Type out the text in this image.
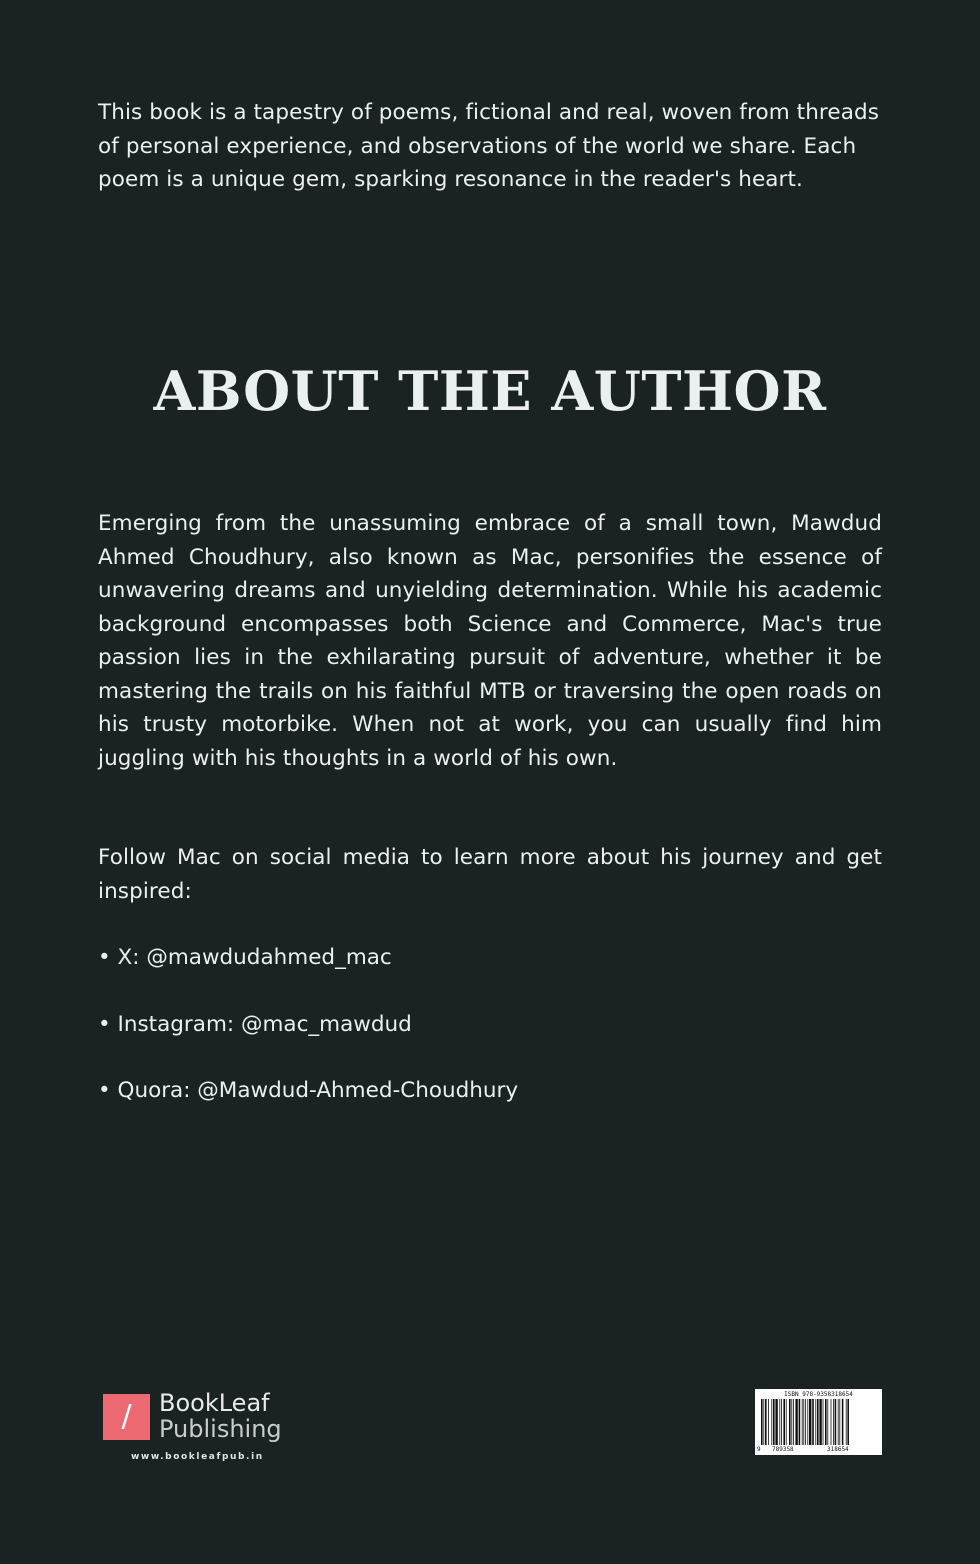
This book is a tapestry of poems, fictional and real, woven from threads of personal experience, and observations of the world we share. Each poem is a unique gem, sparking resonance in the reader's heart.

ABOUT THE AUTHOR

Emerging from the unassuming embrace of a small town, Mawdud Ahmed Choudhury, also known as Mac, personifies the essence of unwavering dreams and unyielding determination. While his academic background encompasses both Science and Commerce, Mac's true passion lies in the exhilarating pursuit of adventure, whether it be mastering the trails on his faithful MTB or traversing the open roads on his trusty motorbike. When not at work, you can usually find him juggling with his thoughts in a world of his own.

Follow Mac on social media to learn more about his journey and get inspired:

• X: @mawdudahmed_mac

• Instagram: @mac_mawdud

• Quora: @Mawdud-Ahmed-Choudhury

/	BookLeaf
Publishing
www.bookleafpub.in
ISBN 978-9358318654
9 789358	318654
